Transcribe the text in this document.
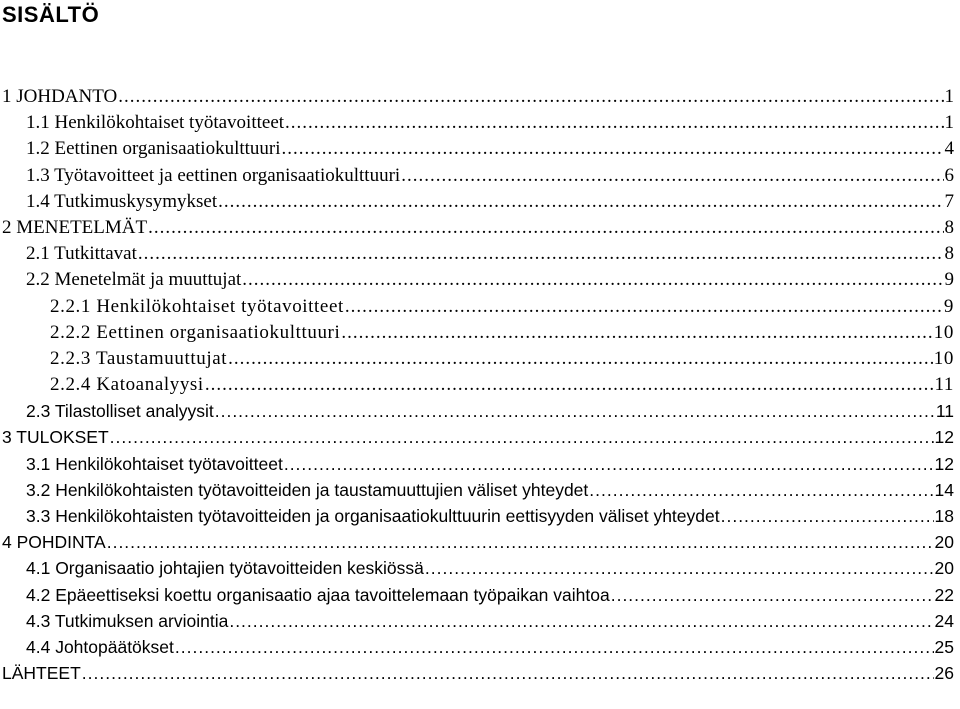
SISÄLTÖ
1 JOHDANTO .....	1
1.1 Henkilökohtaiset työtavoitteet .....	1
1.2 Eettinen organisaatiokulttuuri .....	4
1.3 Työtavoitteet ja eettinen organisaatiokulttuuri .....	6
1.4 Tutkimuskysymykset .....	7
2 MENETELMÄT .....	8
2.1 Tutkittavat .....	8
2.2 Menetelmät ja muuttujat .....	9
2.2.1 Henkilökohtaiset työtavoitteet .....	9
2.2.2 Eettinen organisaatiokulttuuri .....	10
2.2.3 Taustamuuttujat .....	10
2.2.4 Katoanalyysi .....	11
2.3 Tilastolliset analyysit .....	11
3 TULOKSET .....	12
3.1 Henkilökohtaiset työtavoitteet .....	12
3.2 Henkilökohtaisten työtavoitteiden ja taustamuuttujien väliset yhteydet .....	14
3.3 Henkilökohtaisten työtavoitteiden ja organisaatiokulttuurin eettisyyden väliset yhteydet .....	18
4 POHDINTA .....	20
4.1 Organisaatio johtajien työtavoitteiden keskiössä .....	20
4.2 Epäeettiseksi koettu organisaatio ajaa tavoittelemaan työpaikan vaihtoa .....	22
4.3 Tutkimuksen arviointia .....	24
4.4 Johtopäätökset .....	25
LÄHTEET .....	26
